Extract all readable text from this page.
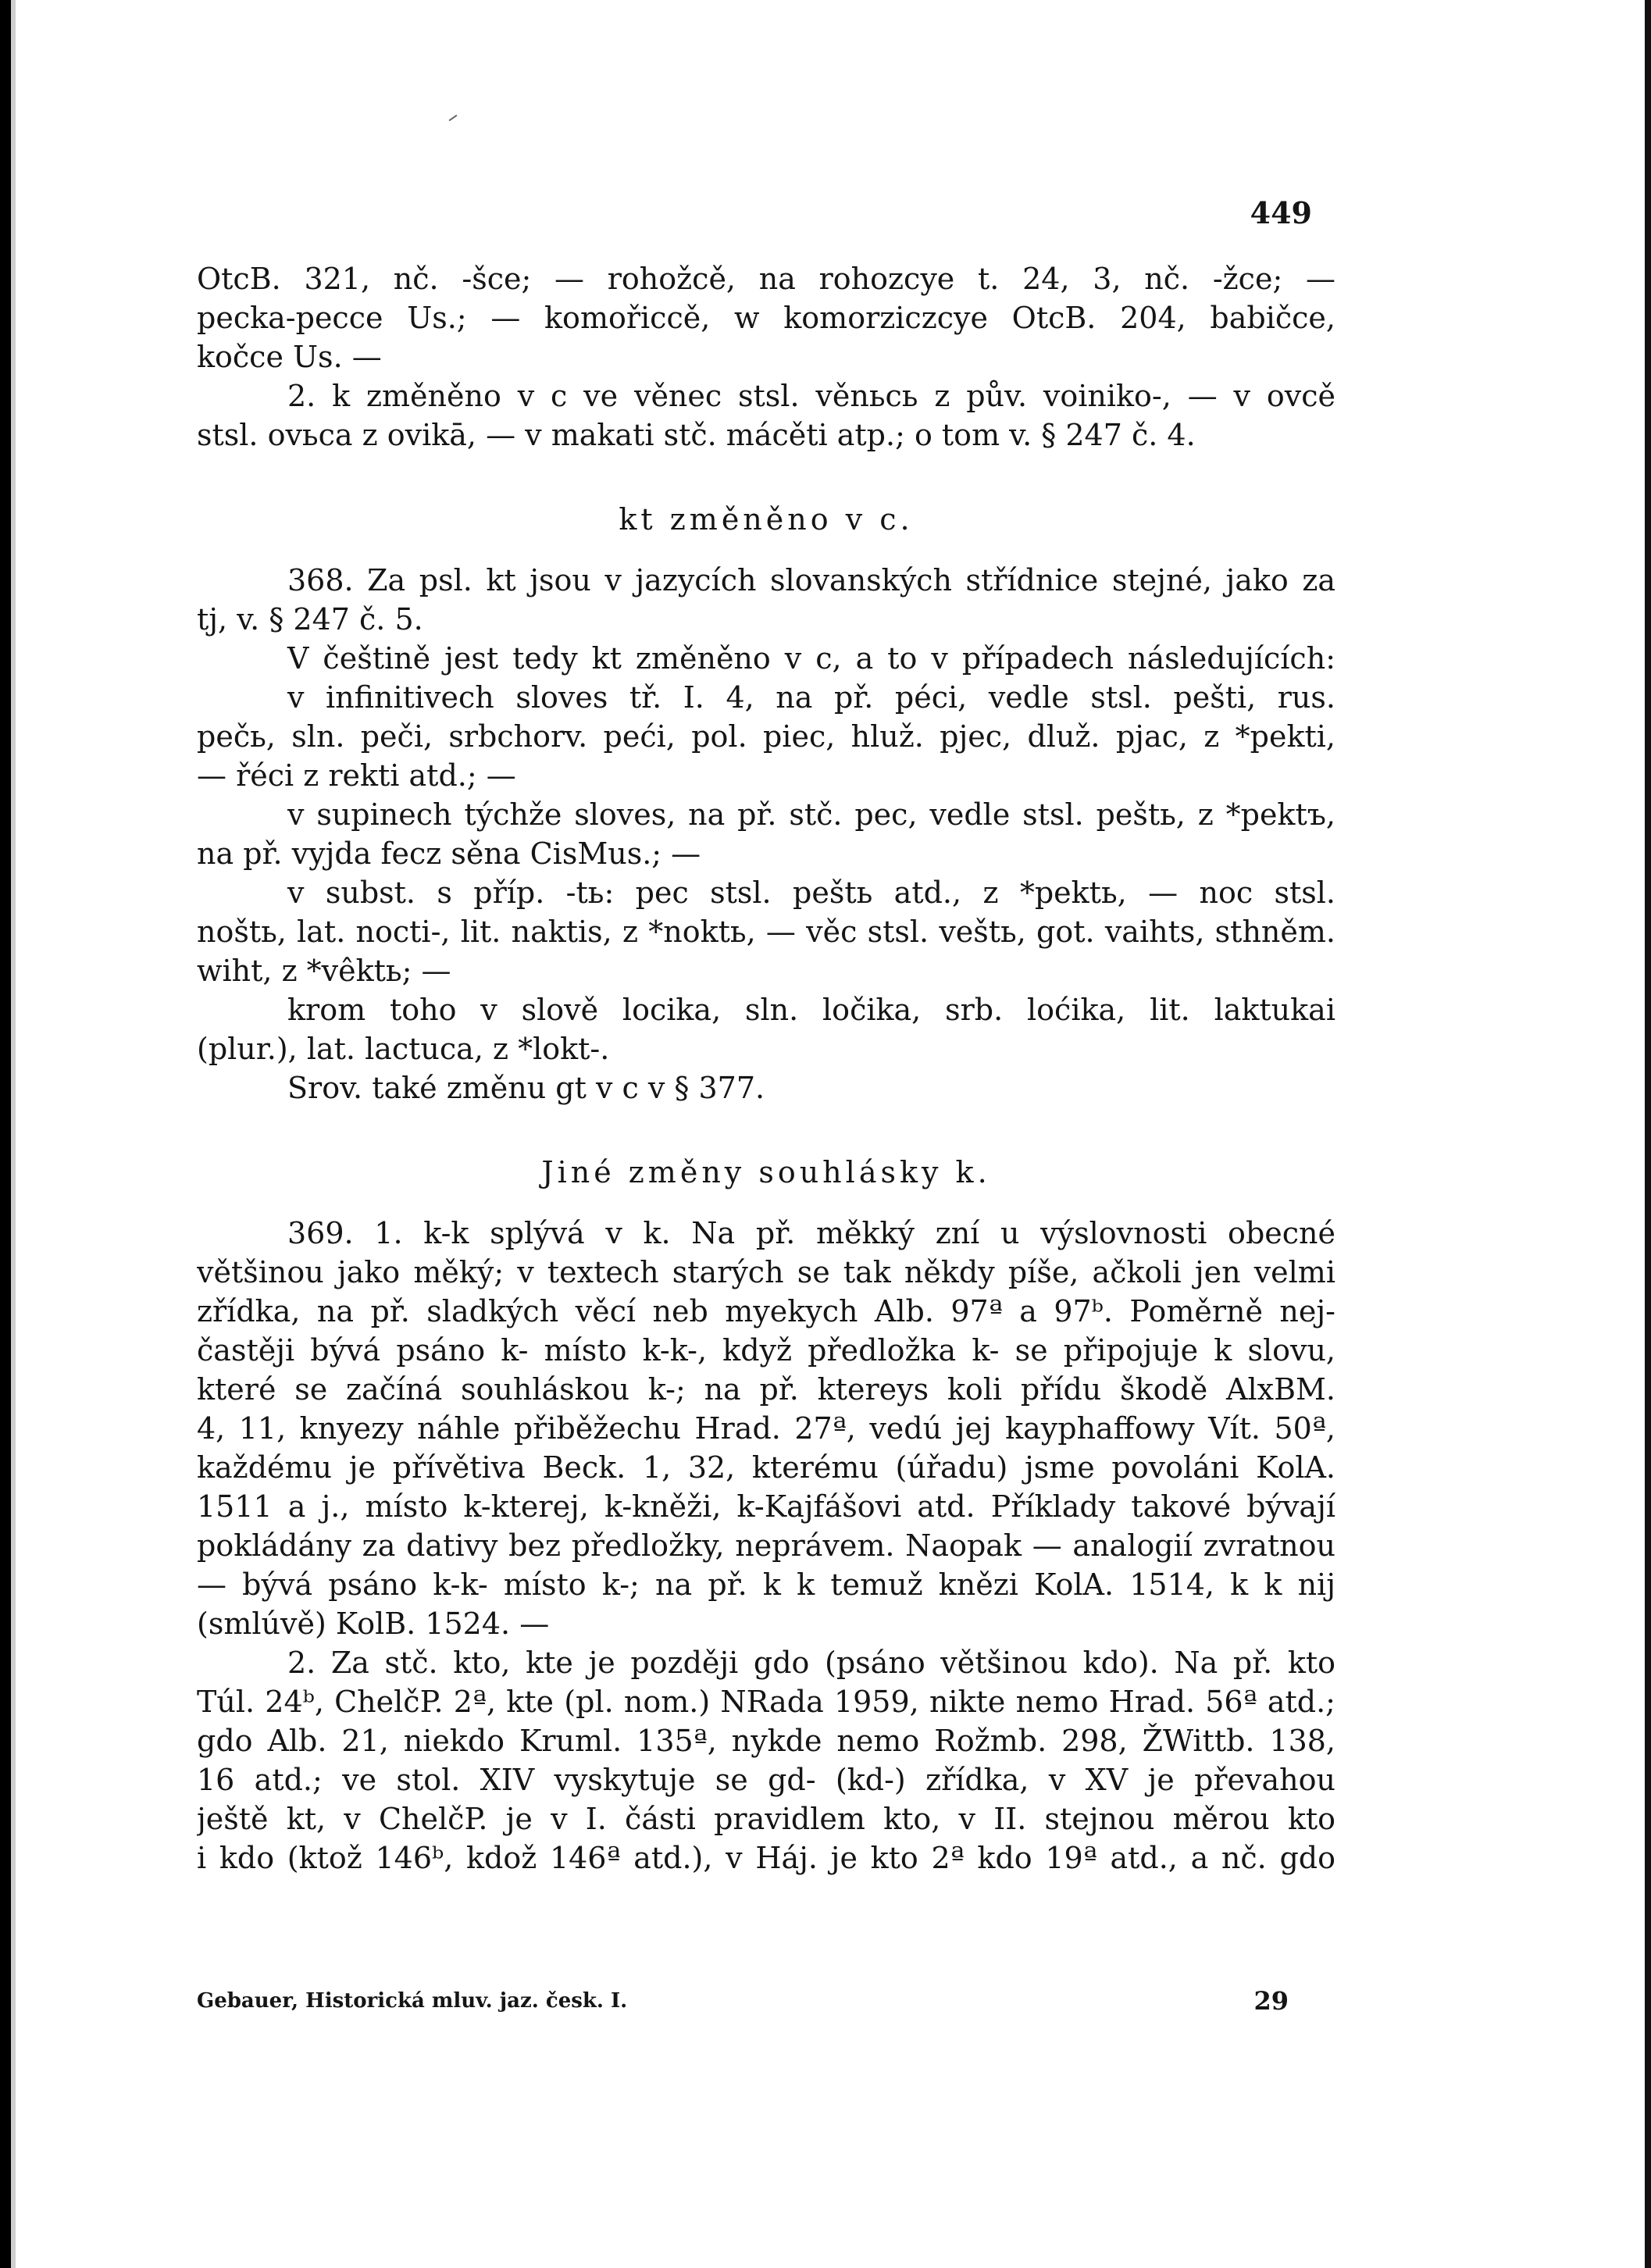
449
OtcB. 321, nč. -šce; — rohožcě, na rohozcye t. 24, 3, nč. -žce; —
pecka-pecce Us.; — komořiccě, w komorziczcye OtcB. 204, babičce,
kočce Us. —
2. k změněno v c ve věnec stsl. věnьcь z pův. voiniko-, — v ovcě
stsl. ovьca z ovikā, — v makati stč. mácěti atp.; o tom v. § 247 č. 4.
kt změněno v c.
368. Za psl. kt jsou v jazycích slovanských střídnice stejné, jako za
tj, v. § 247 č. 5.
V češtině jest tedy kt změněno v c, a to v případech následujících:
v infinitivech sloves tř. I. 4, na př. péci, vedle stsl. pešti, rus.
pečь, sln. peči, srbchorv. peći, pol. piec, hluž. pjec, dluž. pjac, z *pekti,
— řéci z rekti atd.; —
v supinech týchže sloves, na př. stč. pec, vedle stsl. peštь, z *pektъ,
na př. vyjda fecz sěna CisMus.; —
v subst. s příp. -tь: pec stsl. peštь atd., z *pektь, — noc stsl.
noštь, lat. nocti-, lit. naktis, z *noktь, — věc stsl. veštь, got. vaihts, sthněm.
wiht, z *vêktь; —
krom toho v slově locika, sln. ločika, srb. loćika, lit. laktukai
(plur.), lat. lactuca, z *lokt-.
Srov. také změnu gt v c v § 377.
Jiné změny souhlásky k.
369. 1. k-k splývá v k. Na př. měkký zní u výslovnosti obecné
většinou jako měký; v textech starých se tak někdy píše, ačkoli jen velmi
zřídka, na př. sladkých věcí neb myekych Alb. 97ª a 97ᵇ. Poměrně nej-
častěji bývá psáno k- místo k-k-, když předložka k- se připojuje k slovu,
které se začíná souhláskou k-; na př. ktereys koli přídu škodě AlxBM.
4, 11, knyezy náhle přiběžechu Hrad. 27ª, vedú jej kayphaffowy Vít. 50ª,
každému je přívětiva Beck. 1, 32, kterému (úřadu) jsme povoláni KolA.
1511 a j., místo k-kterej, k-kněži, k-Kajfášovi atd. Příklady takové bývají
pokládány za dativy bez předložky, neprávem. Naopak — analogií zvratnou
— bývá psáno k-k- místo k-; na př. k k temuž knězi KolA. 1514, k k nij
(smlúvě) KolB. 1524. —
2. Za stč. kto, kte je později gdo (psáno většinou kdo). Na př. kto
Túl. 24ᵇ, ChelčP. 2ª, kte (pl. nom.) NRada 1959, nikte nemo Hrad. 56ª atd.;
gdo Alb. 21, niekdo Kruml. 135ª, nykde nemo Rožmb. 298, ŽWittb. 138,
16 atd.; ve stol. XIV vyskytuje se gd- (kd-) zřídka, v XV je převahou
ještě kt, v ChelčP. je v I. části pravidlem kto, v II. stejnou měrou kto
i kdo (ktož 146ᵇ, kdož 146ª atd.), v Háj. je kto 2ª kdo 19ª atd., a nč. gdo
Gebauer, Historická mluv. jaz. česk. I.	29
